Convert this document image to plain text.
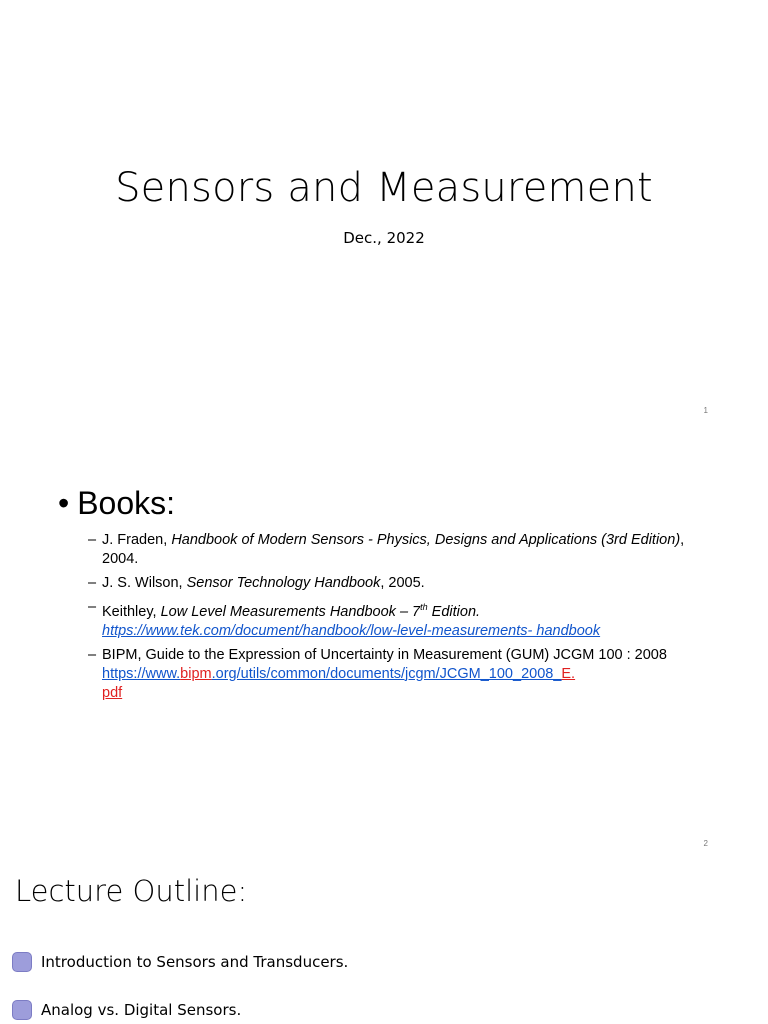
Sensors and Measurement
Dec., 2022
1
• Books:
– J. Fraden, Handbook of Modern Sensors - Physics, Designs and Applications (3rd Edition), 2004.
– J. S. Wilson, Sensor Technology Handbook, 2005.
– Keithley, Low Level Measurements Handbook – 7th Edition.
https://www.tek.com/document/handbook/low-level-measurements- handbook
– BIPM, Guide to the Expression of Uncertainty in Measurement (GUM) JCGM 100 : 2008
https://www.bipm.org/utils/common/documents/jcgm/JCGM_100_2008_E.
pdf
2
Lecture Outline:
Introduction to Sensors and Transducers.
Analog vs. Digital Sensors.
